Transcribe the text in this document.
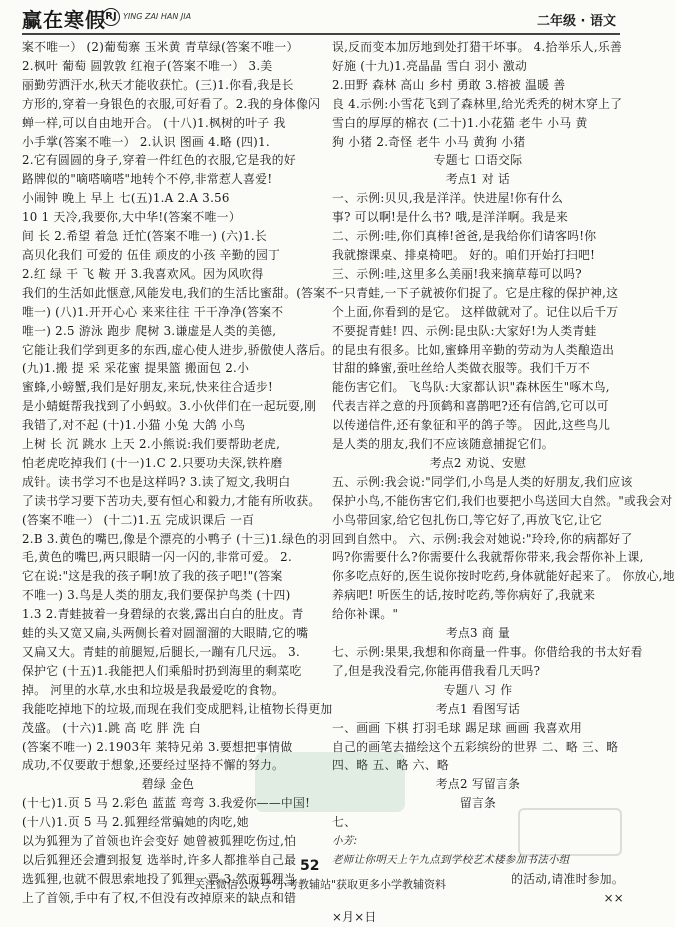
赢在寒假 RJ YING ZAI HAN JIA	二年级 · 语文
案不唯一） (2)葡萄寨 玉米黄 青草绿(答案不唯一）
2.枫叶 葡萄 圆敦敦 红袍子(答案不唯一） 3.美
丽勤劳洒汗水,秋天才能收获忙。(三)1.你看,我是长
方形的,穿着一身银色的衣服,可好看了。2.我的身体像闪
蝉一样,可以自由地开合。 (十八)1.枫树的叶子 我
小手掌(答案不唯一） 2.认识 图画 4.略 (四)1.
2.它有圆圆的身子,穿着一件红色的衣服,它是我的好
路牌似的"嘀嗒嘀嗒"地转个不停,非常惹人喜爱!
小闹钟 晚上 早上 七(五)1.A 2.A 3.56
10 1 天冷,我要你,大中华!(答案不唯一）
间 长 2.希望 着急 迁忙(答案不唯一) (六)1.长
高贝化我们 可爱的 伍佳 顽皮的小孩 辛勤的园丁
2.红 绿 干 飞 鞍 开 3.我喜欢风。因为风吹得
我们的生活如此惬意,风能发电,我们的生活比蜜甜。(答案不
唯一) (八)1.开开心心 来来往往 干干净净(答案不
唯一) 2.5 游泳 跑步 爬树 3.谦虚是人类的美德,
它能让我们学到更多的东西,虚心使人进步,骄傲使人落后。
(九)1.搬 提 采 采花蜜 提果篮 搬面包 2.小
蜜蜂,小螃蟹,我们是好朋友,来玩,快来往合适步!
是小蜻蜓帮我找到了小蚂蚁。3.小伙伴们在一起玩耍,刚
我错了,对不起 (十)1.小猫 小兔 大鸽 小鸟
上树 长 沉 跳水 上天 2.小熊说:我们要帮助老虎,
怕老虎吃掉我们 (十一)1.C 2.只要功夫深,铁杵磨
成针。读书学习不也是这样吗? 3.读了短文,我明白
了读书学习要下苦功夫,要有恒心和毅力,才能有所收获。
(答案不唯一） (十二)1.五 完成识课后 一百
2.B 3.黄色的嘴巴,像是个漂亮的小鸭子 (十三)1.绿色的羽
毛,黄色的嘴巴,两只眼睛一闪一闪的,非常可爱。 2.
它在说:"这是我的孩子啊!放了我的孩子吧!"(答案
不唯一) 3.鸟是人类的朋友,我们要保护鸟类 (十四)
1.3 2.青蛙披着一身碧绿的衣裳,露出白白的肚皮。青
蛙的头又宽又扁,头两侧长着对圆溜溜的大眼睛,它的嘴
又扁又大。青蛙的前腿短,后腿长,一蹦有几尺远。 3.
保护它 (十五)1.我能把人们乘船时扔到海里的剩菜吃
掉。 河里的水草,水虫和垃圾是我最爱吃的食物。
我能吃掉地下的垃圾,而现在我们变成肥料,让植物长得更加
茂盛。 (十六)1.跳 高 吃 胖 洗 白
(答案不唯一) 2.1903年 莱特兄弟 3.要想把事情做
成功,不仅要敢于想象,还要经过坚持不懈的努力。
碧绿 金色
(十七)1.页 5 马 2.彩色 蓝蓝 弯弯 3.我爱你——中国!
(十八)1.页 5 马 2.狐狸经常骗她的肉吃,她
以为狐狸为了首领也许会变好 她曾被狐狸吃伤过,怕
以后狐狸还会遭到报复 选举时,许多人都推举自己最
选狐狸,也就不假思索地投了狐狸一票 3.然而狐狸当
上了首领,手中有了权,不但没有改掉原来的缺点和错
误,反而变本加厉地到处打猎干坏事。 4.拾举乐人,乐善
好施 (十九)1.亮晶晶 雪白 羽小 激动
2.田野 森林 高山 乡村 勇敢 3.榕被 温暖 善
良 4.示例:小雪花飞到了森林里,给光秃秃的树木穿上了
雪白的厚厚的棉衣 (二十)1.小花猫 老牛 小马 黄
狗 小猪 2.奇怪 老牛 小马 黄狗 小猪
专题七 口语交际
考点1 对 话
一、示例:贝贝,我是洋洋。快进屋!你有什么
事? 可以啊!是什么书? 哦,是洋洋啊。我是来
二、示例:哇,你们真棒!爸爸,是我给你们请客吗!你
我就擦课桌、排桌椅吧。 好的。咱们开始打扫吧!
三、示例:哇,这里多么美丽!我来摘草莓可以吗?
一只青蛙,一下子就被你们捉了。它是庄稼的保护神,这
个上面,你看到的是它。 这样做就对了。记住以后千万
不要捉青蛙! 四、示例:昆虫队:大家好!为人类青蛙
的昆虫有很多。比如,蜜蜂用辛勤的劳动为人类酿造出
甘甜的蜂蜜,蚕吐丝给人类做衣服等。我们千万不
能伤害它们。 飞鸟队:大家都认识"森林医生"啄木鸟,
代表吉祥之意的丹顶鹤和喜鹊吧?还有信鸽,它可以可
以传递信件,还有象征和平的鸽子等。 因此,这些鸟儿
是人类的朋友,我们不应该随意捕捉它们。
考点2 劝说、安慰
五、示例:我会说:"同学们,小鸟是人类的好朋友,我们应该
保护小鸟,不能伤害它们,我们也要把小鸟送回大自然。"或我会对
小鸟带回家,给它包扎伤口,等它好了,再放飞它,让它
回到自然中。 六、示例:我会对她说:"玲玲,你的病都好了
吗?你需要什么?你需要什么我就帮你带来,我会帮你补上课,
你多吃点好的,医生说你按时吃药,身体就能好起来了。 你放心,地
养病吧! 听医生的话,按时吃药,等你病好了,我就来
给你补课。"
考点3 商 量
七、示例:果果,我想和你商量一件事。你借给我的书太好看
了,但是我没看完,你能再借我看几天吗?
专题八 习 作
考点1 看图写话
一、画画 下棋 打羽毛球 踢足球 画画 我喜欢用
自己的画笔去描绘这个五彩缤纷的世界 二、略 三、略
四、略 五、略 六、略
考点2 写留言条
留言条
七、
小芳:
老师让你明天上午九点到学校艺术楼参加书法小组
的活动,请准时参加。
××
×月×日
52
关注微信公众号"小考教辅站"获取更多小学教辅资料
